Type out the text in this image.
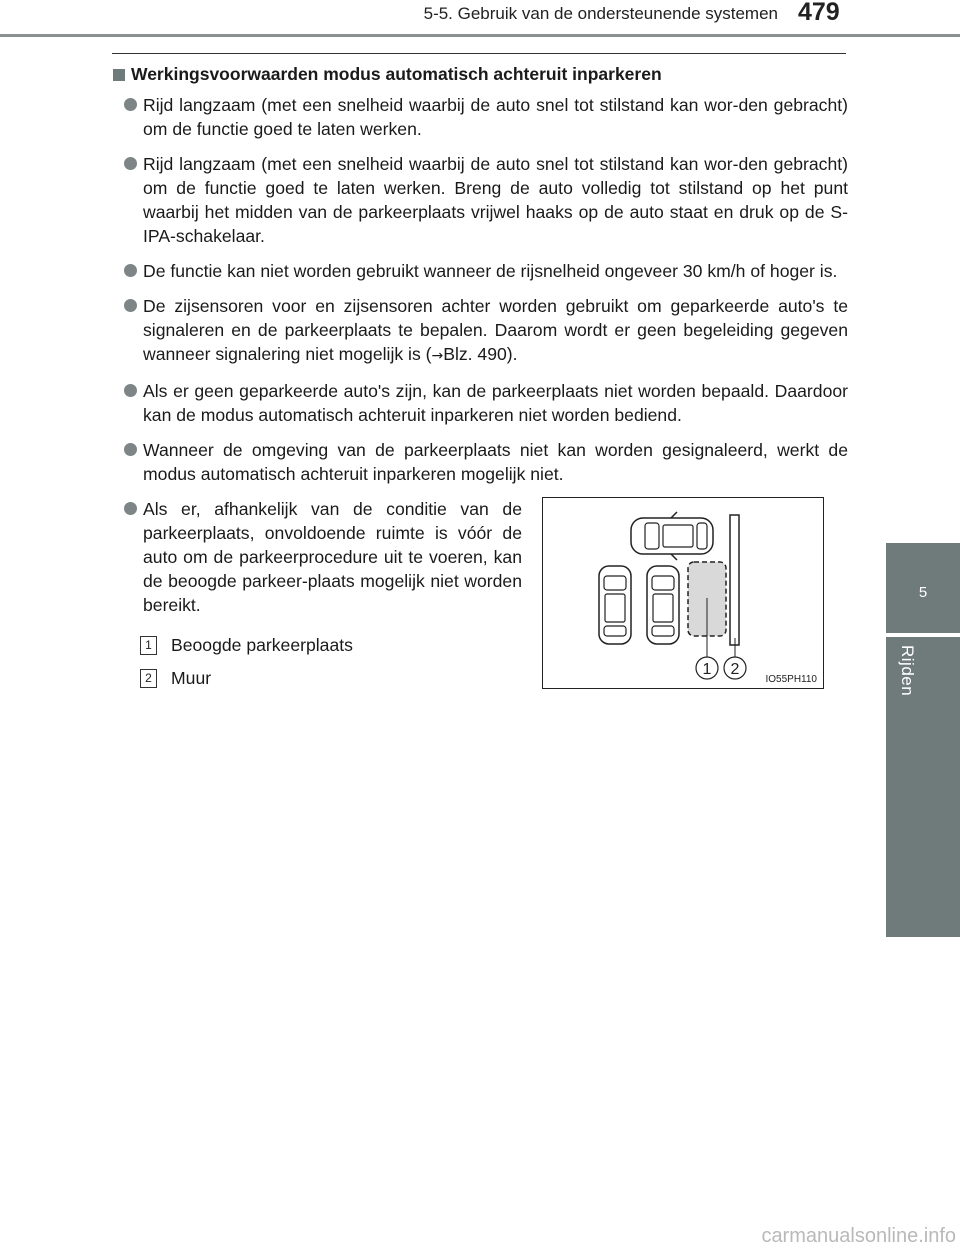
5-5. Gebruik van de ondersteunende systemen 479
5
Rijden
Werkingsvoorwaarden modus automatisch achteruit inparkeren
Rijd langzaam (met een snelheid waarbij de auto snel tot stilstand kan wor-den gebracht) om de functie goed te laten werken.
Rijd langzaam (met een snelheid waarbij de auto snel tot stilstand kan wor-den gebracht) om de functie goed te laten werken. Breng de auto volledig tot stilstand op het punt waarbij het midden van de parkeerplaats vrijwel haaks op de auto staat en druk op de S-IPA-schakelaar.
De functie kan niet worden gebruikt wanneer de rijsnelheid ongeveer 30 km/h of hoger is.
De zijsensoren voor en zijsensoren achter worden gebruikt om geparkeerde auto's te signaleren en de parkeerplaats te bepalen. Daarom wordt er geen begeleiding gegeven wanneer signalering niet mogelijk is (→Blz. 490).
Als er geen geparkeerde auto's zijn, kan de parkeerplaats niet worden bepaald. Daardoor kan de modus automatisch achteruit inparkeren niet worden bediend.
Wanneer de omgeving van de parkeerplaats niet kan worden gesignaleerd, werkt de modus automatisch achteruit inparkeren mogelijk niet.
Als er, afhankelijk van de conditie van de parkeerplaats, onvoldoende ruimte is vóór de auto om de parkeerprocedure uit te voeren, kan de beoogde parkeer-plaats mogelijk niet worden bereikt.
1 Beoogde parkeerplaats
2 Muur	1 2
IO55PH110
carmanualsonline.info
